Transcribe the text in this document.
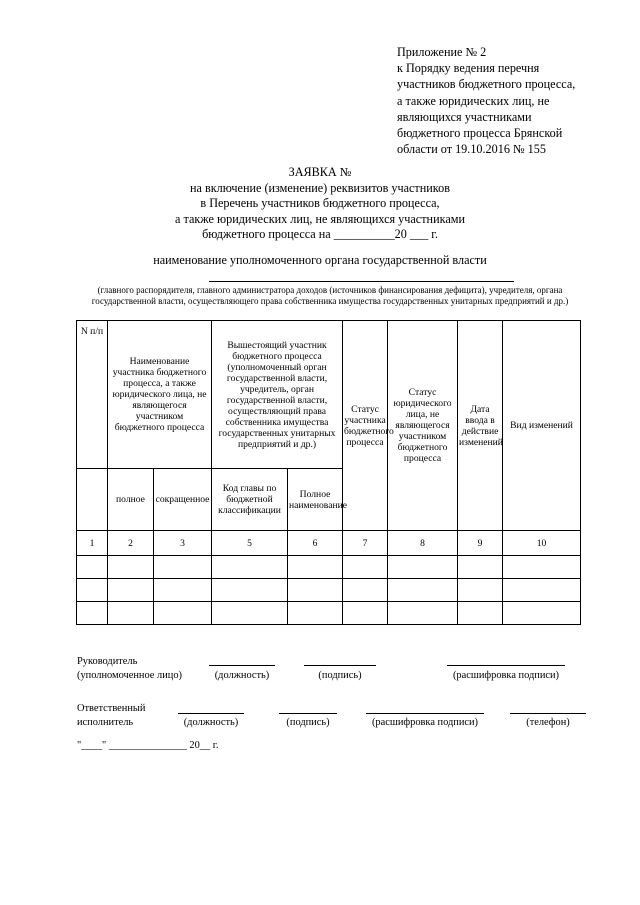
Приложение № 2
к Порядку ведения перечня
участников бюджетного процесса,
а также юридических лиц, не
являющихся участниками
бюджетного процесса Брянской
области от 19.10.2016 № 155
ЗАЯВКА №
на включение (изменение) реквизитов участников
в Перечень участников бюджетного процесса,
а также юридических лиц, не являющихся участниками
бюджетного процесса на __________20 ___ г.
наименование уполномоченного органа государственной власти
(главного распорядителя, главного администратора доходов (источников финансирования дефицита), учредителя, органа
государственной власти, осуществляющего права собственника имущества государственных унитарных предприятий и др.)
N п/п	Наименование участника бюджетного процесса, а также юридического лица, не являющегося участником бюджетного процесса		Вышестоящий участник бюджетного процесса (уполномоченный орган государственной власти, учредитель, орган государственной власти, осуществляющий права собственника имущества государственных унитарных предприятий и др.)		Статус участника бюджетного процесса	Статус юридического лица, не являющегося участником бюджетного процесса	Дата ввода в действие изменений	Вид изменений
	полное	сокращенное	Код главы по бюджетной классификации	Полное наименование				
1	2	3	5	6	7	8	9	10

Руководитель
(уполномоченное лицо)	(должность)	(подпись)	(расшифровка подписи)
Ответственный
исполнитель	(должность)	(подпись)	(расшифровка подписи)	(телефон)
"____" _______________ 20__ г.
